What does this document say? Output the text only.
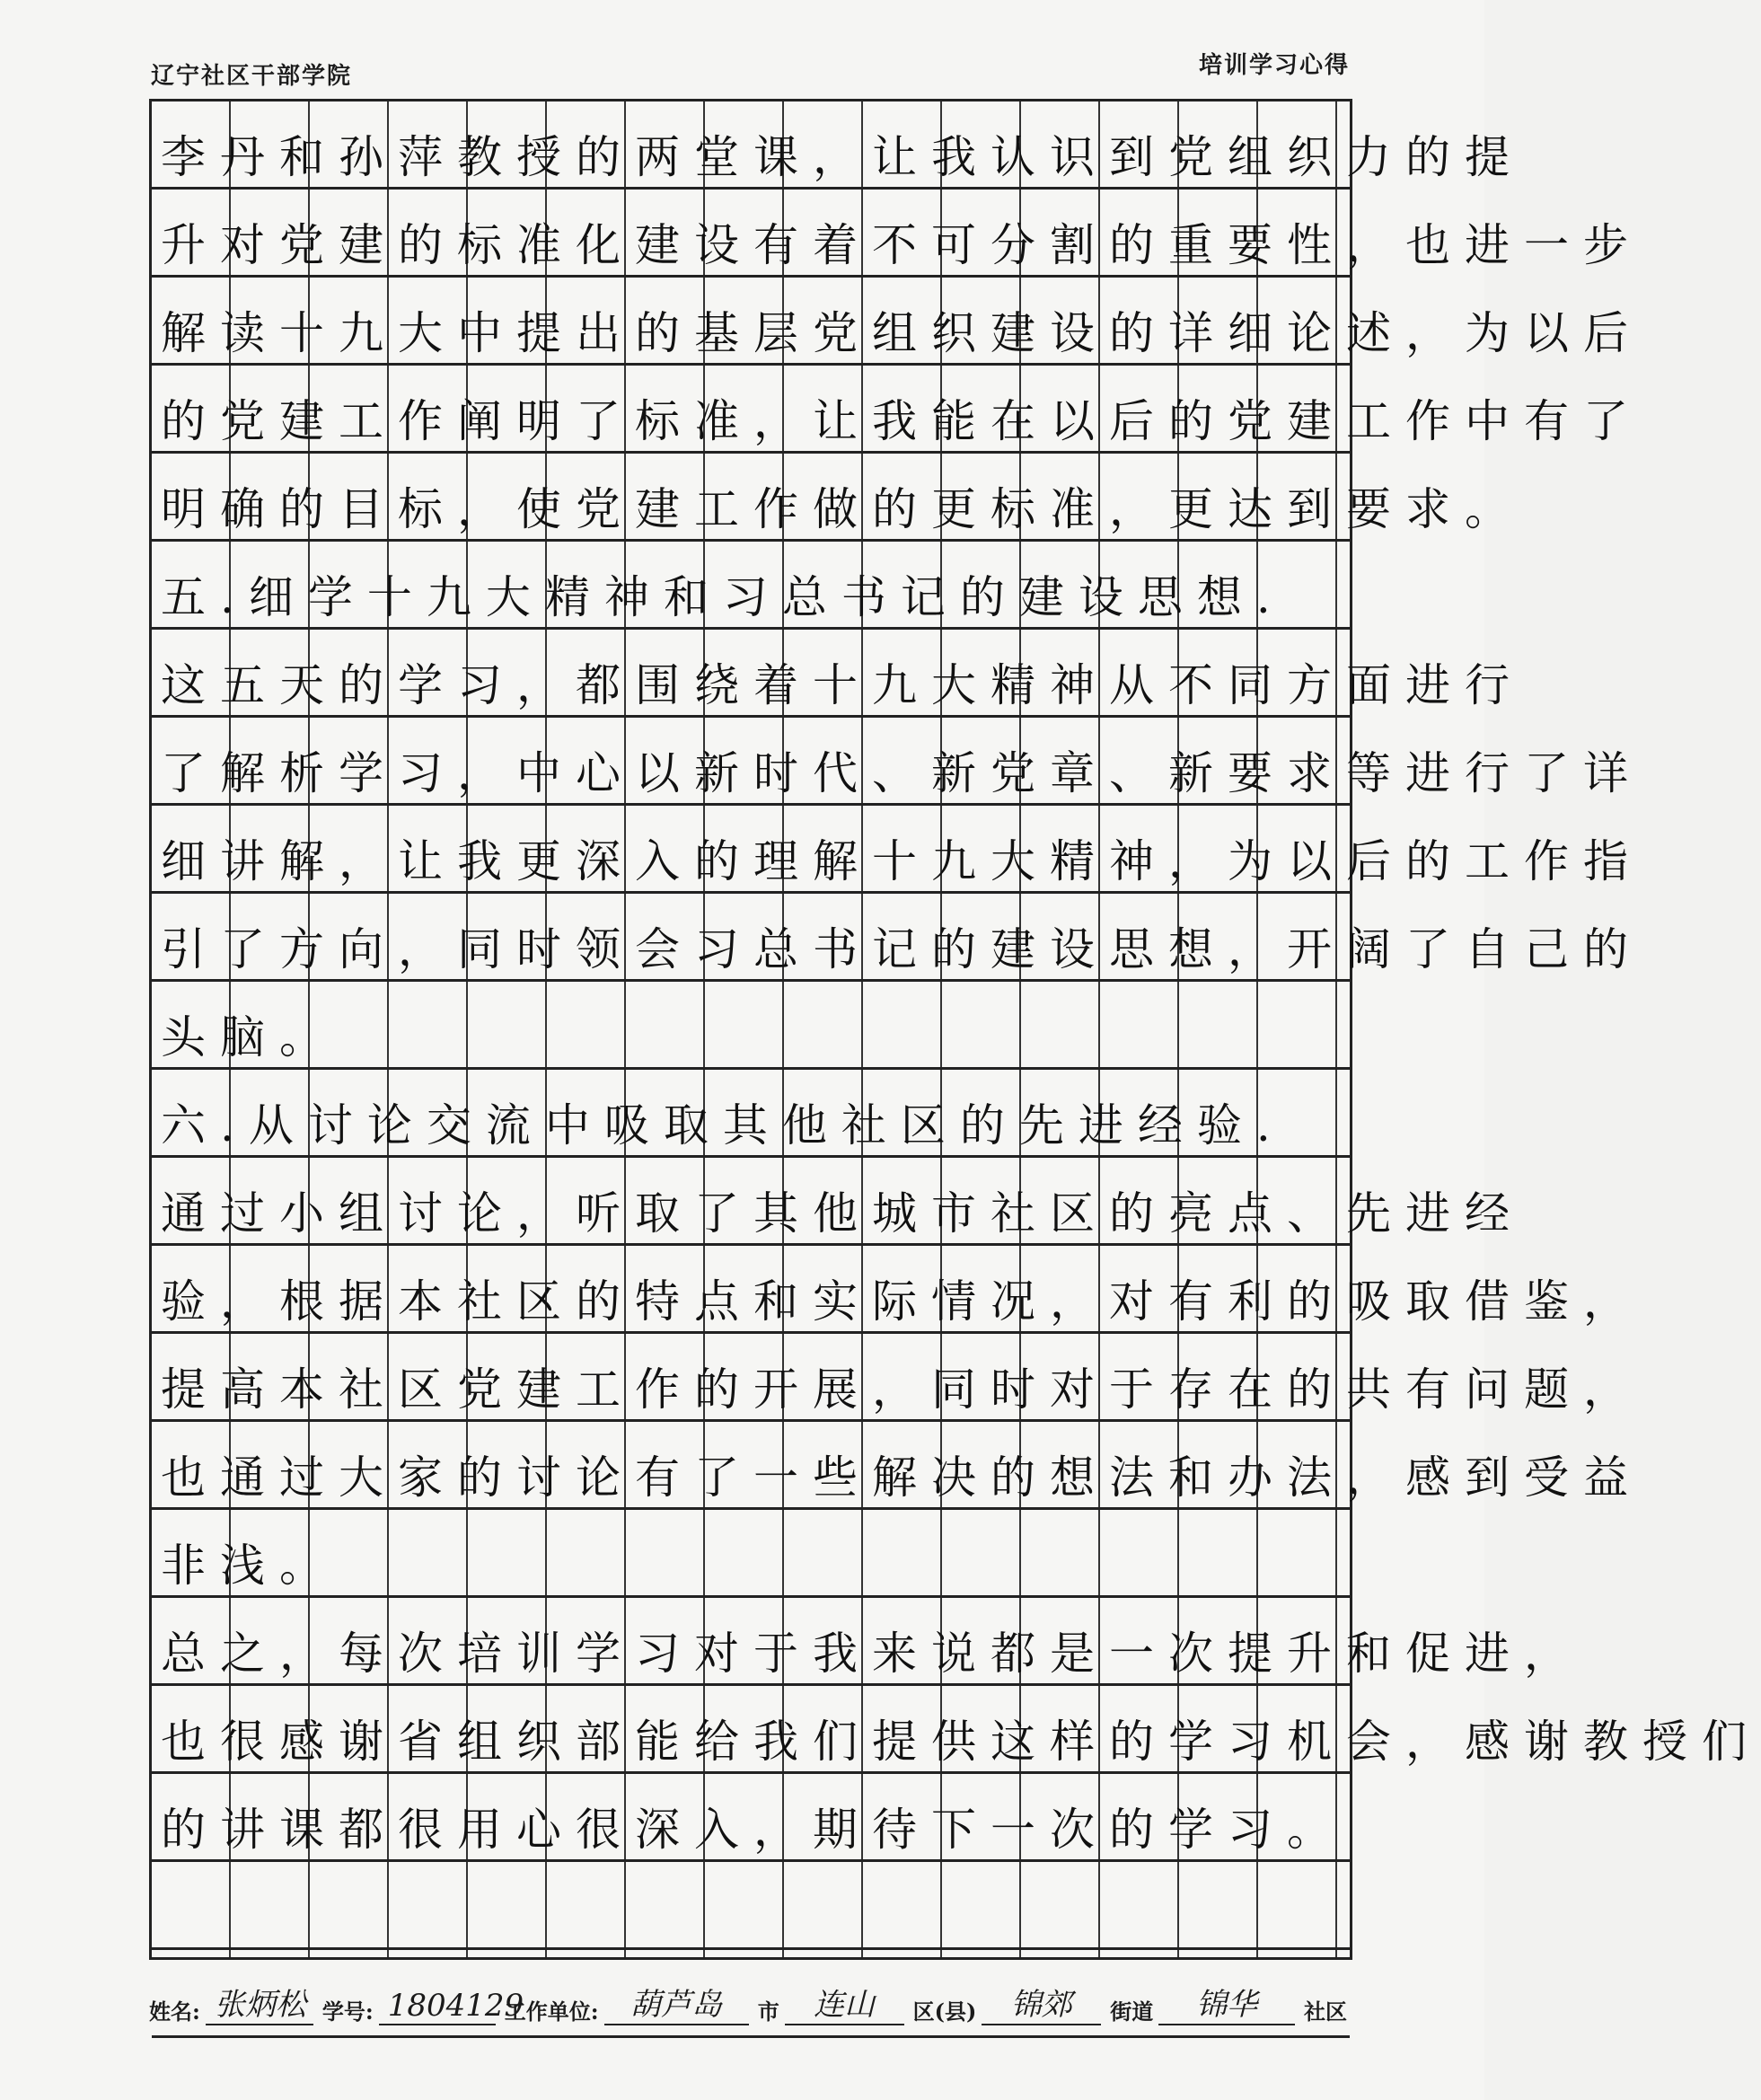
辽宁社区干部学院	培训学习心得
李丹和孙萍教授的两堂课，让我认识到党组织力的提
升对党建的标准化建设有着不可分割的重要性，也进一步
解读十九大中提出的基层党组织建设的详细论述，为以后
的党建工作阐明了标准，让我能在以后的党建工作中有了
明确的目标，使党建工作做的更标准，更达到要求。
五.细学十九大精神和习总书记的建设思想.
这五天的学习，都围绕着十九大精神从不同方面进行
了解析学习，中心以新时代、新党章、新要求等进行了详
细讲解，让我更深入的理解十九大精神，为以后的工作指
引了方向，同时领会习总书记的建设思想，开阔了自己的
头脑。
六.从讨论交流中吸取其他社区的先进经验.
通过小组讨论，听取了其他城市社区的亮点、先进经
验，根据本社区的特点和实际情况，对有利的吸取借鉴，
提高本社区党建工作的开展，同时对于存在的共有问题，
也通过大家的讨论有了一些解决的想法和办法，感到受益
非浅。
总之，每次培训学习对于我来说都是一次提升和促进，
也很感谢省组织部能给我们提供这样的学习机会，感谢教授们
的讲课都很用心很深入，期待下一次的学习。
姓名: 张炳松 学号: 1804129
工作单位:	葫芦岛	市	连山	区(县)	锦郊	街道	锦华	社区
